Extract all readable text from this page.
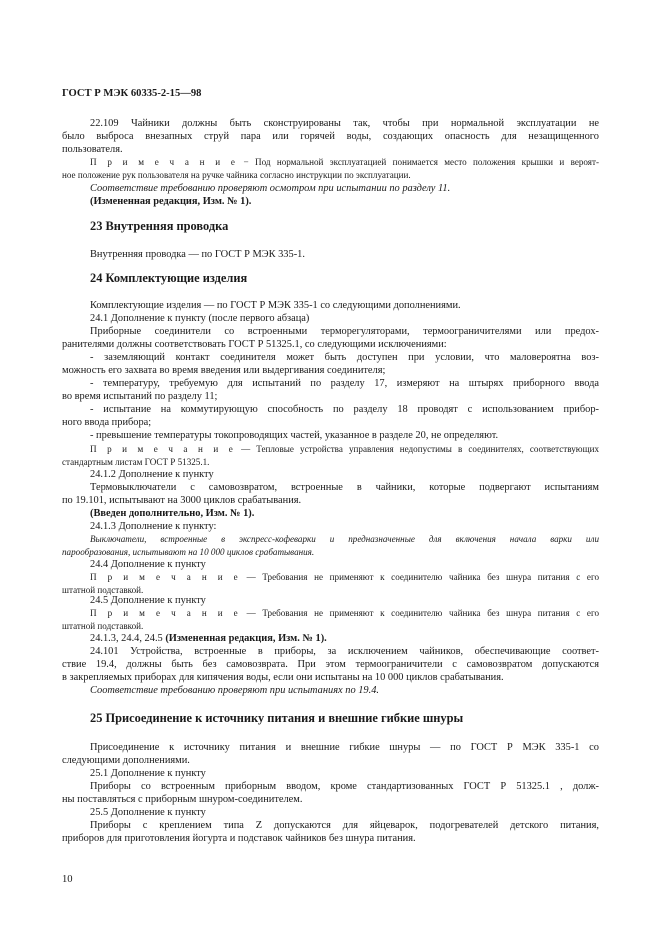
ГОСТ Р МЭК 60335-2-15—98
22.109 Чайники должны быть сконструированы так, чтобы при нормальной эксплуатации не
было выброса внезапных струй пара или горячей воды, создающих опасность для незащищенного
пользователя.
П р и м е ч а н и е − Под нормальной эксплуатацией понимается место положения крышки и вероят-
ное положение рук пользователя на ручке чайника согласно инструкции по эксплуатации.
Соответствие требованию проверяют осмотром при испытании по разделу 11.
(Измененная редакция, Изм. № 1).
23 Внутренняя проводка
Внутренняя проводка — по ГОСТ Р МЭК 335-1.
24 Комплектующие изделия
Комплектующие изделия — по ГОСТ Р МЭК 335-1 со следующими дополнениями.
24.1 Дополнение к пункту (после первого абзаца)
Приборные соединители со встроенными терморегуляторами, термоограничителями или предох-
ранителями должны соответствовать ГОСТ Р 51325.1, со следующими исключениями:
- заземляющий контакт соединителя может быть доступен при условии, что маловероятна воз-
можность его захвата во время введения или выдергивания соединителя;
- температуру, требуемую для испытаний по разделу 17, измеряют на штырях приборного ввода
во время испытаний по разделу 11;
- испытание на коммутирующую способность по разделу 18 проводят с использованием прибор-
ного ввода прибора;
- превышение температуры токопроводящих частей, указанное в разделе 20, не определяют.
П р и м е ч а н и е — Тепловые устройства управления недопустимы в соединителях, соответствующих
стандартным листам ГОСТ Р 51325.1.
24.1.2 Дополнение к пункту
Термовыключатели с самовозвратом, встроенные в чайники, которые подвергают испытаниям
по 19.101, испытывают на 3000 циклов срабатывания.
(Введен дополнительно, Изм. № 1).
24.1.3 Дополнение к пункту:
Выключатели, встроенные в экспресс-кофеварки и предназначенные для включения начала варки или
парообразования, испытывают на 10 000 циклов срабатывания.
24.4 Дополнение к пункту
П р и м е ч а н и е — Требования не применяют к соединителю чайника без шнура питания с его
штатной подставкой.
24.5 Дополнение к пункту
П р и м е ч а н и е — Требования не применяют к соединителю чайника без шнура питания с его
штатной подставкой.
24.1.3, 24.4, 24.5 (Измененная редакция, Изм. № 1).
24.101 Устройства, встроенные в приборы, за исключением чайников, обеспечивающие соответ-
ствие 19.4, должны быть без самовозврата. При этом термоограничители с самовозвратом допускаются
в закрепляемых приборах для кипячения воды, если они испытаны на 10 000 циклов срабатывания.
Соответствие требованию проверяют при испытаниях по 19.4.
25 Присоединение к источнику питания и внешние гибкие шнуры
Присоединение к источнику питания и внешние гибкие шнуры — по ГОСТ Р МЭК 335-1 со
следующими дополнениями.
25.1 Дополнение к пункту
Приборы со встроенным приборным вводом, кроме стандартизованных ГОСТ Р 51325.1 , долж-
ны поставляться с приборным шнуром-соединителем.
25.5 Дополнение к пункту
Приборы с креплением типа Z допускаются для яйцеварок, подогревателей детского питания,
приборов для приготовления йогурта и подставок чайников без шнура питания.
10
